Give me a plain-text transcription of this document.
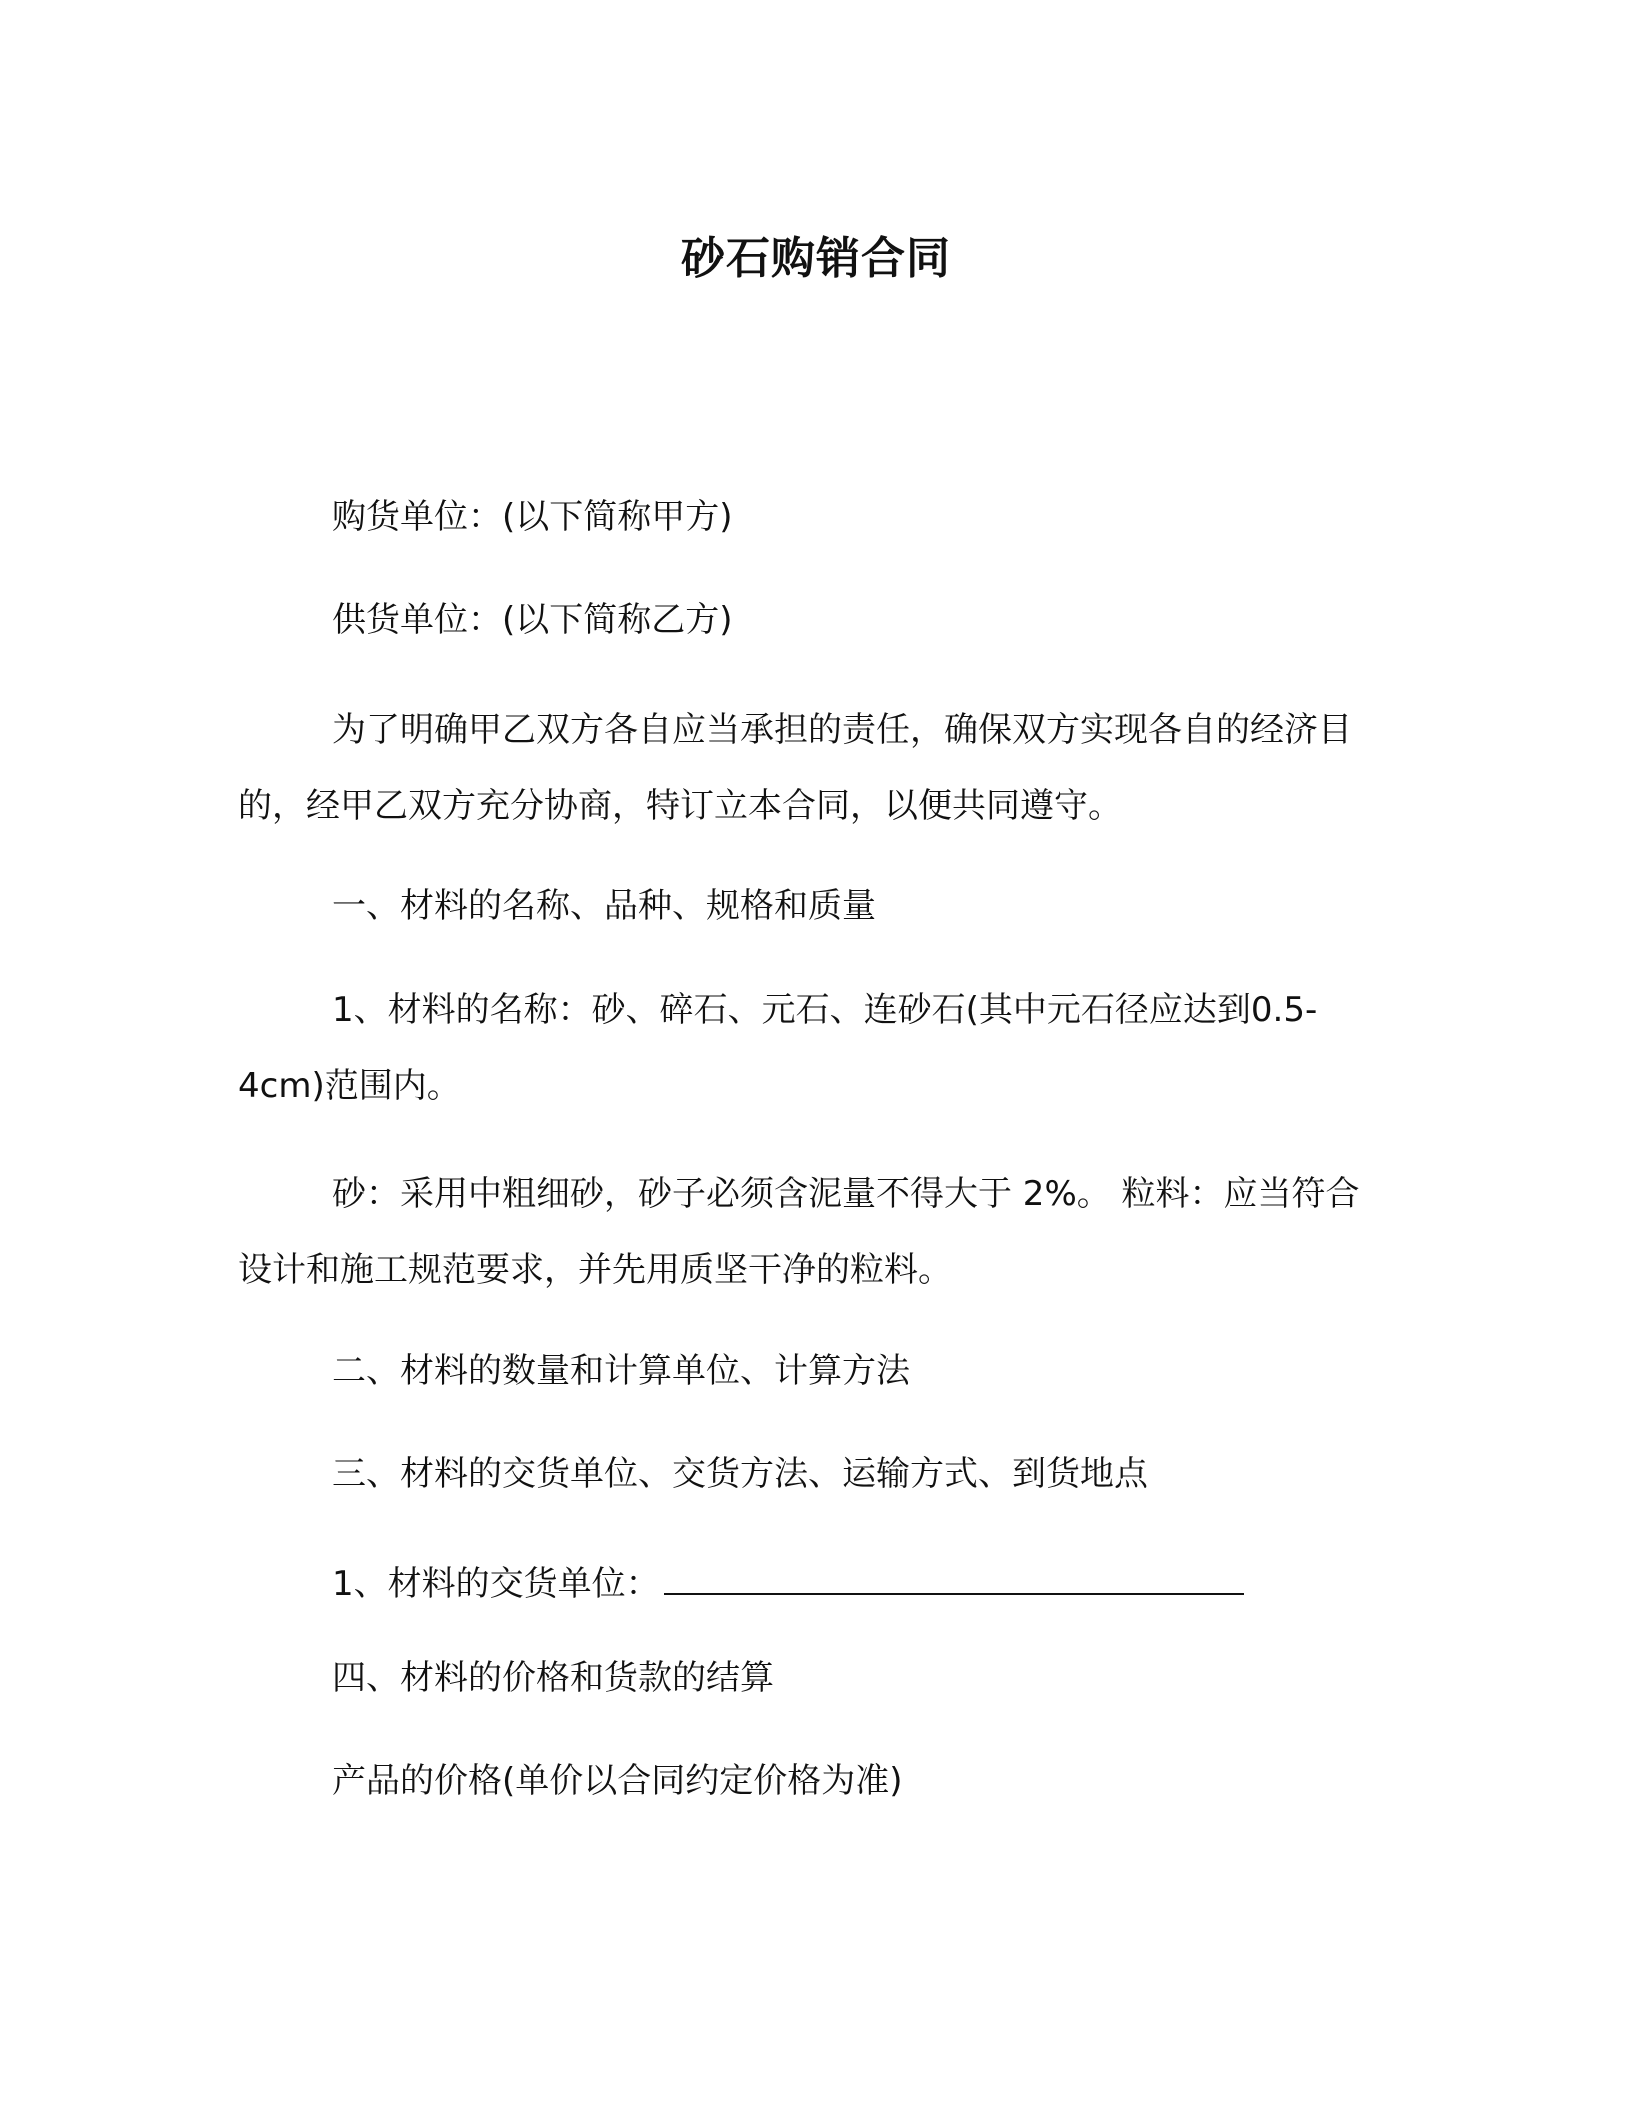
砂石购销合同
购货单位：(以下简称甲方)
供货单位：(以下简称乙方)
为了明确甲乙双方各自应当承担的责任，确保双方实现各自的经济目的，经甲乙双方充分协商，特订立本合同，以便共同遵守。
一、材料的名称、品种、规格和质量
1、材料的名称：砂、碎石、元石、连砂石(其中元石径应达到0.5-4cm)范围内。
砂：采用中粗细砂，砂子必须含泥量不得大于 2%。 粒料：应当符合设计和施工规范要求，并先用质坚干净的粒料。
二、材料的数量和计算单位、计算方法
三、材料的交货单位、交货方法、运输方式、到货地点
1、材料的交货单位：
四、材料的价格和货款的结算
产品的价格(单价以合同约定价格为准)
